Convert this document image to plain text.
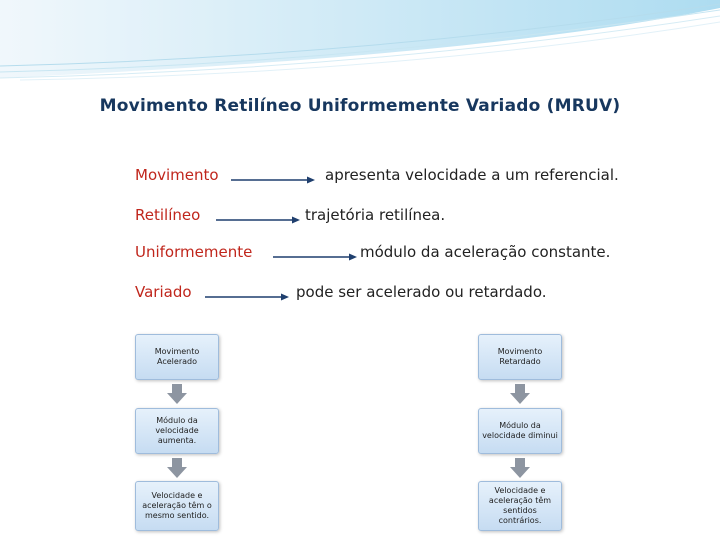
Movimento Retilíneo Uniformemente Variado (MRUV)
Movimento	apresenta velocidade a um referencial.
Retilíneo	trajetória retilínea.
Uniformemente	módulo da aceleração constante.
Variado	pode ser acelerado ou retardado.
Movimento Acelerado
Módulo da velocidade aumenta.
Velocidade e aceleração têm o mesmo sentido.
Movimento Retardado
Módulo da velocidade diminui
Velocidade e aceleração têm sentidos contrários.
